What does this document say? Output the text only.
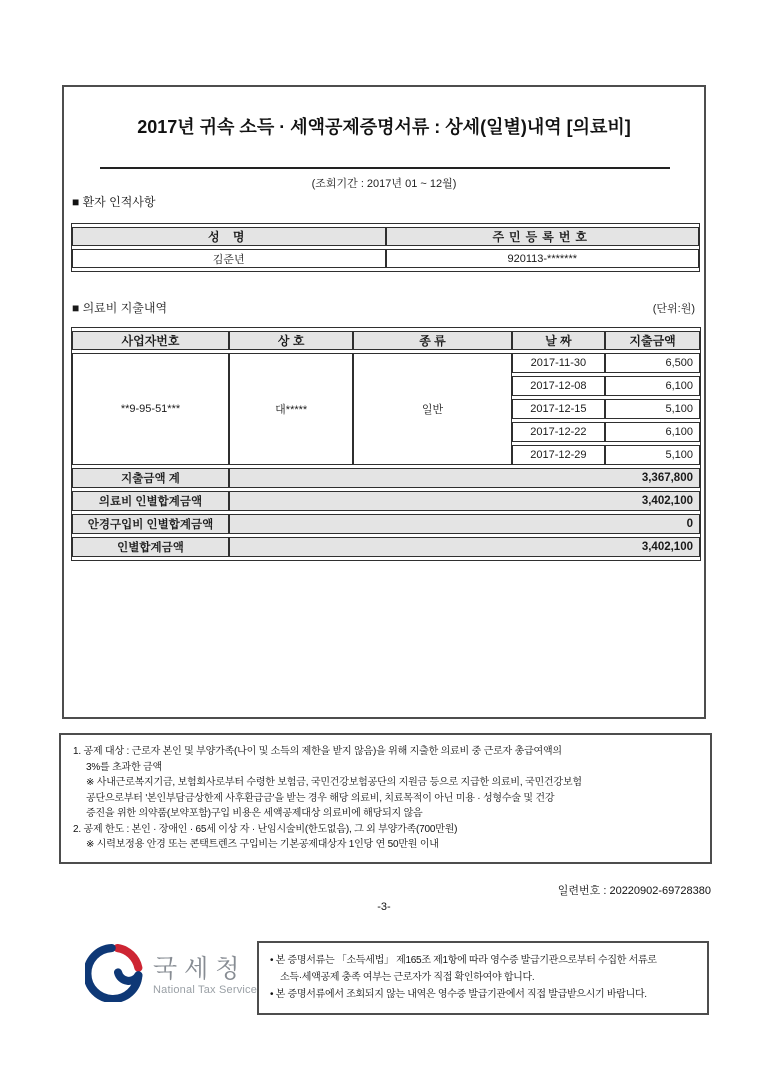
2017년 귀속 소득 · 세액공제증명서류 : 상세(일별)내역 [의료비]
(조회기간 : 2017년 01 ~ 12월)
■ 환자 인적사항
성 명	주민등록번호
김준년	920113-*******
■ 의료비 지출내역	(단위:원)
사업자번호	상 호	종 류	날 짜	지출금액
**9-95-51***	대*****	일반	2017-11-30	6,500
			2017-12-08	6,100
			2017-12-15	5,100
			2017-12-22	6,100
			2017-12-29	5,100
지출금액 계	3,367,800			
의료비 인별합계금액	3,402,100			
안경구입비 인별합계금액	0			
인별합계금액	3,402,100			
1. 공제 대상 : 근로자 본인 및 부양가족(나이 및 소득의 제한을 받지 않음)을 위해 지출한 의료비 중 근로자 총급여액의
3%를 초과한 금액
※ 사내근로복지기금, 보험회사로부터 수령한 보험금, 국민건강보험공단의 지원금 등으로 지급한 의료비, 국민건강보험
공단으로부터 '본인부담금상한제 사후환급금'을 받는 경우 해당 의료비, 치료목적이 아닌 미용 · 성형수술 및 건강
증진을 위한 의약품(보약포함)구입 비용은 세액공제대상 의료비에 해당되지 않음
2. 공제 한도 : 본인 · 장애인 · 65세 이상 자 · 난임시술비(한도없음), 그 외 부양가족(700만원)
※ 시력보정용 안경 또는 콘택트렌즈 구입비는 기본공제대상자 1인당 연 50만원 이내
일련번호 : 20220902-69728380
-3-
국세청
National Tax Service
• 본 증명서류는 「소득세법」 제165조 제1항에 따라 영수증 발급기관으로부터 수집한 서류로
소득·세액공제 충족 여부는 근로자가 직접 확인하여야 합니다.
• 본 증명서류에서 조회되지 않는 내역은 영수증 발급기관에서 직접 발급받으시기 바랍니다.
